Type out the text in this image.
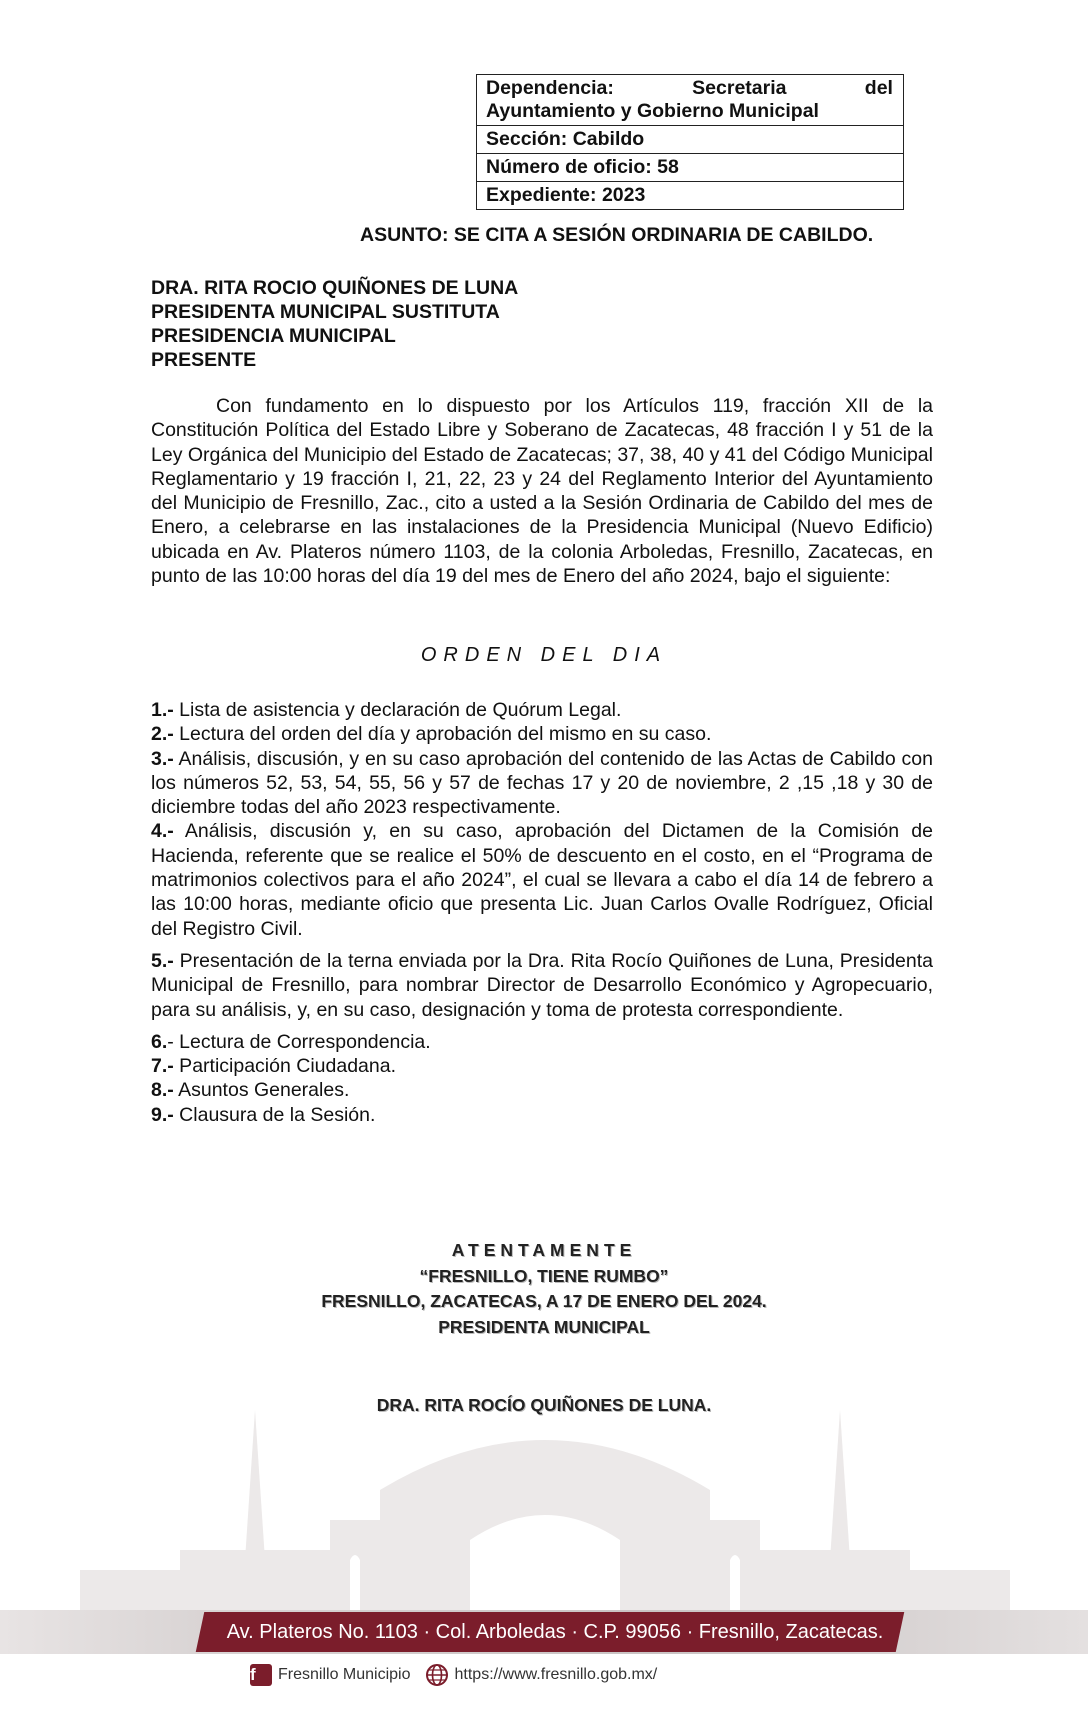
Dependencia:	Secretaria	del
Ayuntamiento y Gobierno Municipal
Sección: Cabildo
Número de oficio: 58
Expediente: 2023
ASUNTO: SE CITA A SESIÓN ORDINARIA DE CABILDO.
DRA. RITA ROCIO QUIÑONES DE LUNA
PRESIDENTA MUNICIPAL SUSTITUTA
PRESIDENCIA MUNICIPAL
PRESENTE

Con fundamento en lo dispuesto por los Artículos 119, fracción XII de la Constitución Política del Estado Libre y Soberano de Zacatecas, 48 fracción I y 51 de la Ley Orgánica del Municipio del Estado de Zacatecas; 37, 38, 40 y 41 del Código Municipal Reglamentario y 19 fracción I, 21, 22, 23 y 24 del Reglamento Interior del Ayuntamiento del Municipio de Fresnillo, Zac., cito a usted a la Sesión Ordinaria de Cabildo del mes de Enero, a celebrarse en las instalaciones de la Presidencia Municipal (Nuevo Edificio) ubicada en Av. Plateros número 1103, de la colonia Arboledas, Fresnillo, Zacatecas, en punto de las 10:00 horas del día 19 del mes de Enero del año 2024, bajo el siguiente:

ORDEN DEL DIA

1.- Lista de asistencia y declaración de Quórum Legal.

2.- Lectura del orden del día y aprobación del mismo en su caso.

3.- Análisis, discusión, y en su caso aprobación del contenido de las Actas de Cabildo con los números 52, 53, 54, 55, 56 y 57 de fechas 17 y 20 de noviembre, 2 ,15 ,18 y 30 de diciembre todas del año 2023 respectivamente.

4.- Análisis, discusión y, en su caso, aprobación del Dictamen de la Comisión de Hacienda, referente que se realice el 50% de descuento en el costo, en el “Programa de matrimonios colectivos para el año 2024”, el cual se llevara a cabo el día 14 de febrero a las 10:00 horas, mediante oficio que presenta Lic. Juan Carlos Ovalle Rodríguez, Oficial del Registro Civil.

5.- Presentación de la terna enviada por la Dra. Rita Rocío Quiñones de Luna, Presidenta Municipal de Fresnillo, para nombrar Director de Desarrollo Económico y Agropecuario, para su análisis, y, en su caso, designación y toma de protesta correspondiente.

6.- Lectura de Correspondencia.

7.- Participación Ciudadana.

8.- Asuntos Generales.

9.- Clausura de la Sesión.

ATENTAMENTE
“FRESNILLO, TIENE RUMBO”
FRESNILLO, ZACATECAS, A 17 DE ENERO DEL 2024.
PRESIDENTA MUNICIPAL
DRA. RITA ROCÍO QUIÑONES DE LUNA.
Av. Plateros No. 1103 · Col. Arboledas · C.P. 99056 · Fresnillo, Zacatecas.
f	Fresnillo Municipio	https://www.fresnillo.gob.mx/
